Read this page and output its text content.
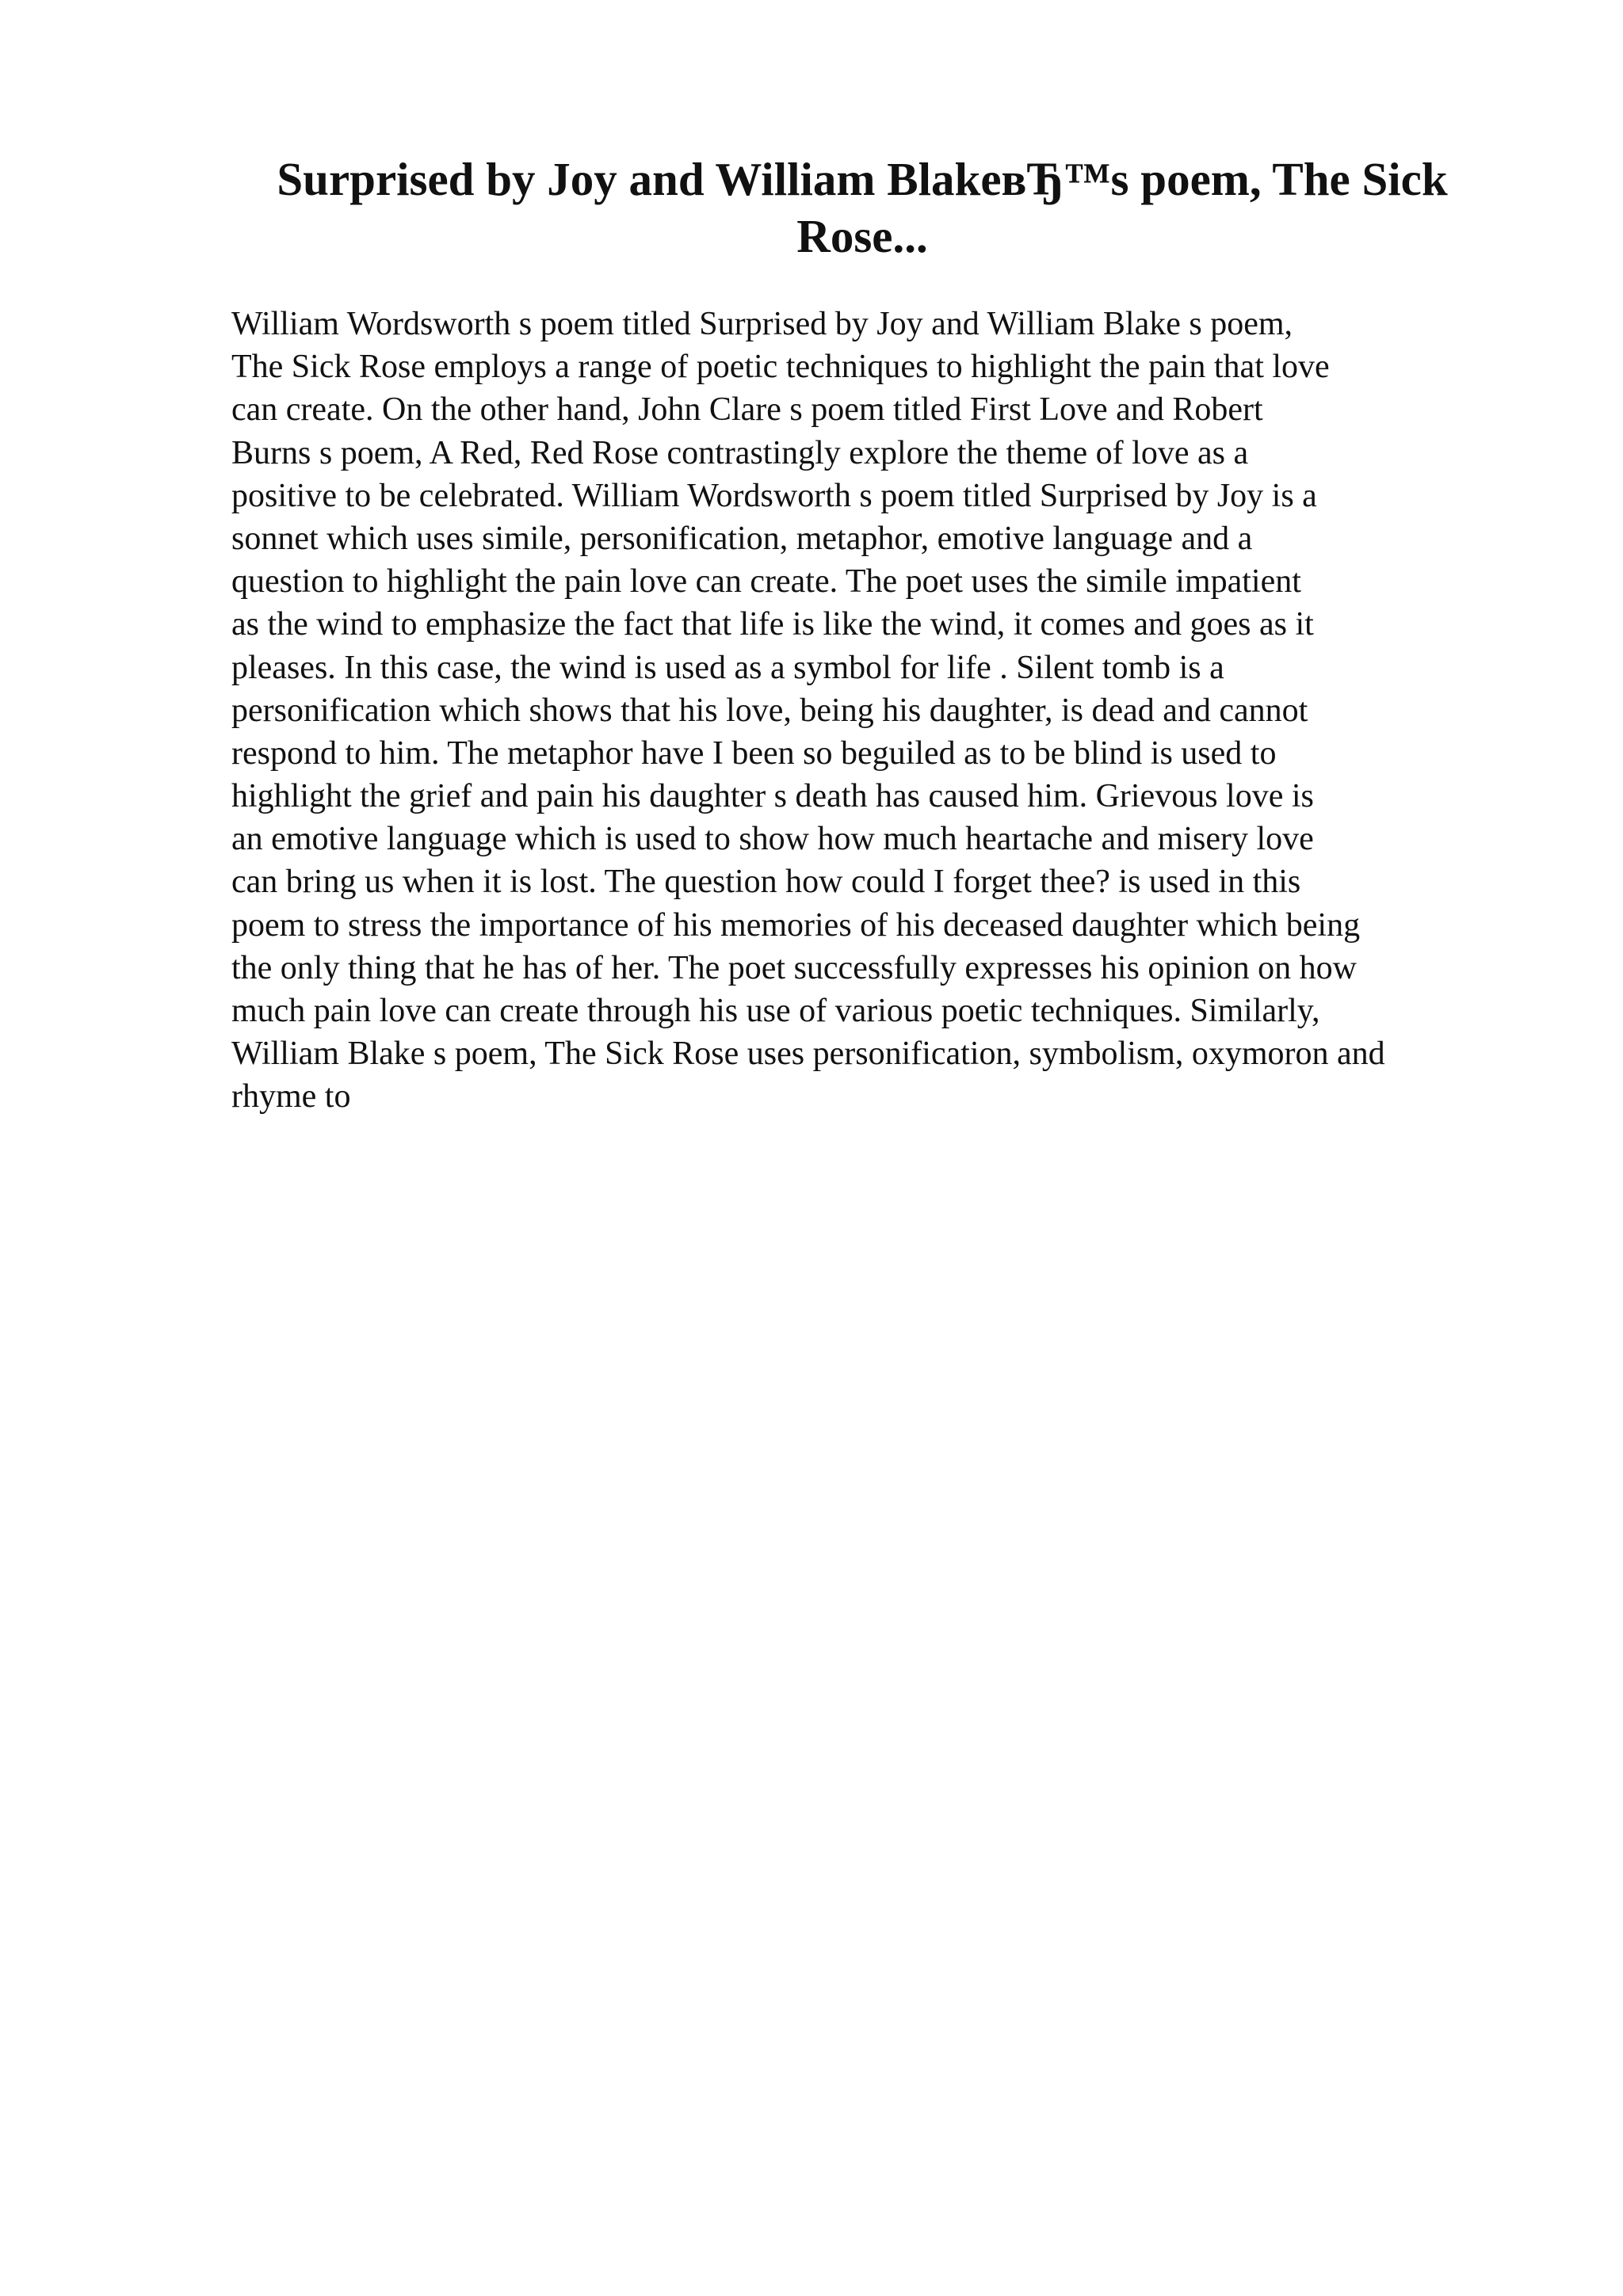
Surprised by Joy and William BlakeвЂ™s poem, The Sick Rose...
William Wordsworth s poem titled Surprised by Joy and William Blake s poem,
The Sick Rose employs a range of poetic techniques to highlight the pain that love
can create. On the other hand, John Clare s poem titled First Love and Robert
Burns s poem, A Red, Red Rose contrastingly explore the theme of love as a
positive to be celebrated. William Wordsworth s poem titled Surprised by Joy is a
sonnet which uses simile, personification, metaphor, emotive language and a
question to highlight the pain love can create. The poet uses the simile impatient
as the wind to emphasize the fact that life is like the wind, it comes and goes as it
pleases. In this case, the wind is used as a symbol for life . Silent tomb is a
personification which shows that his love, being his daughter, is dead and cannot
respond to him. The metaphor have I been so beguiled as to be blind is used to
highlight the grief and pain his daughter s death has caused him. Grievous love is
an emotive language which is used to show how much heartache and misery love
can bring us when it is lost. The question how could I forget thee? is used in this
poem to stress the importance of his memories of his deceased daughter which being
the only thing that he has of her. The poet successfully expresses his opinion on how
much pain love can create through his use of various poetic techniques. Similarly,
William Blake s poem, The Sick Rose uses personification, symbolism, oxymoron and
rhyme to
